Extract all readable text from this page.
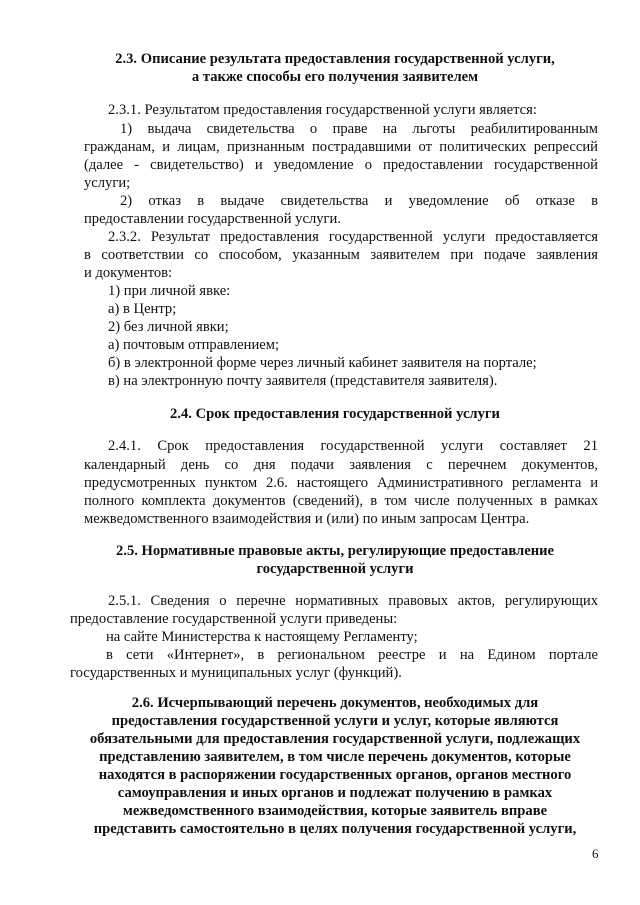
2.3. Описание результата предоставления государственной услуги,
а также способы его получения заявителем
2.3.1. Результатом предоставления государственной услуги является:
1) выдача свидетельства о праве на льготы реабилитированным
гражданам, и лицам, признанным пострадавшими от политических репрессий
(далее - свидетельство) и уведомление о предоставлении государственной
услуги;
2) отказ в выдаче свидетельства и уведомление об отказе в
предоставлении государственной услуги.
2.3.2. Результат предоставления государственной услуги предоставляется
в соответствии со способом, указанным заявителем при подаче заявления
и документов:
1) при личной явке:
а) в Центр;
2) без личной явки;
а) почтовым отправлением;
б) в электронной форме через личный кабинет заявителя на портале;
в) на электронную почту заявителя (представителя заявителя).
2.4. Срок предоставления государственной услуги
2.4.1. Срок предоставления государственной услуги составляет 21
календарный день со дня подачи заявления с перечнем документов,
предусмотренных пунктом 2.6. настоящего Административного регламента и
полного комплекта документов (сведений), в том числе полученных в рамках
межведомственного взаимодействия и (или) по иным запросам Центра.
2.5. Нормативные правовые акты, регулирующие предоставление
государственной услуги
2.5.1. Сведения о перечне нормативных правовых актов, регулирующих
предоставление государственной услуги приведены:
на сайте Министерства к настоящему Регламенту;
в сети «Интернет», в региональном реестре и на Едином портале
государственных и муниципальных услуг (функций).
2.6. Исчерпывающий перечень документов, необходимых для
предоставления государственной услуги и услуг, которые являются
обязательными для предоставления государственной услуги, подлежащих
представлению заявителем, в том числе перечень документов, которые
находятся в распоряжении государственных органов, органов местного
самоуправления и иных органов и подлежат получению в рамках
межведомственного взаимодействия, которые заявитель вправе
представить самостоятельно в целях получения государственной услуги,
6
